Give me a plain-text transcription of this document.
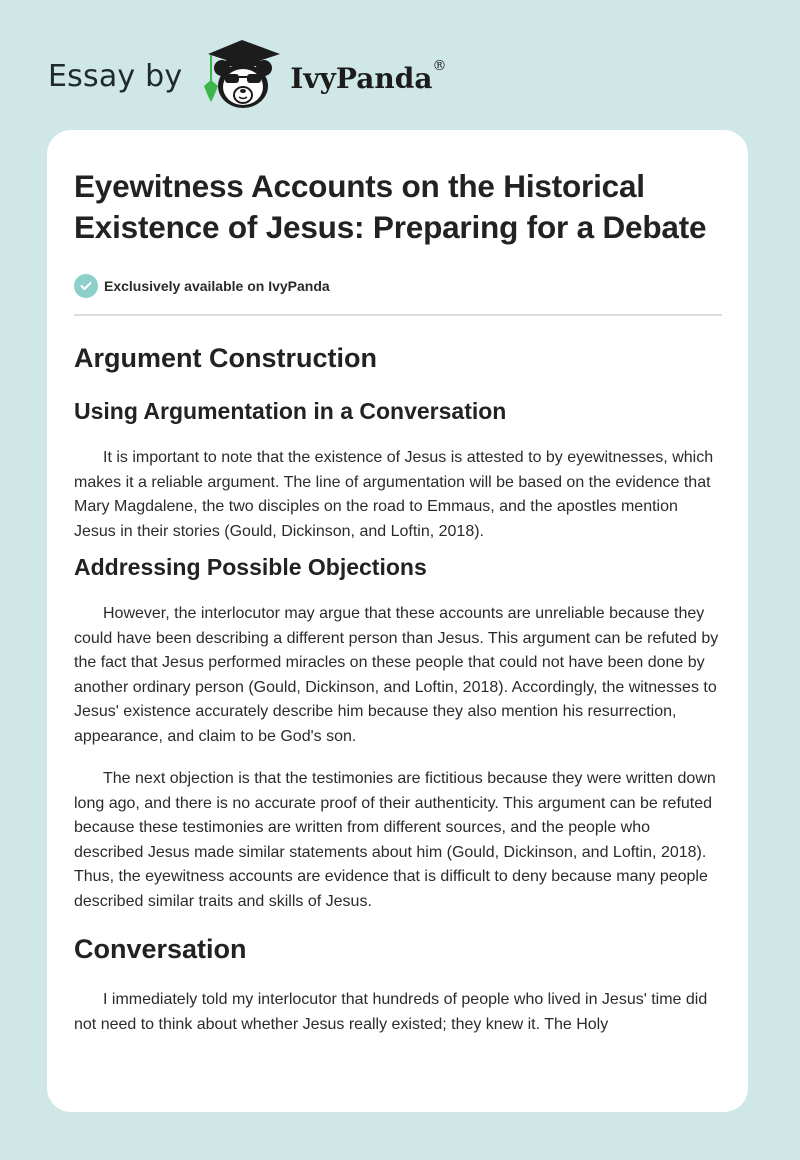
Essay by	IvyPanda®
Eyewitness Accounts on the Historical Existence of Jesus: Preparing for a Debate
Exclusively available on IvyPanda
Argument Construction
Using Argumentation in a Conversation

It is important to note that the existence of Jesus is attested to by eyewitnesses, which makes it a reliable argument. The line of argumentation will be based on the evidence that Mary Magdalene, the two disciples on the road to Emmaus, and the apostles mention Jesus in their stories (Gould, Dickinson, and Loftin, 2018).

Addressing Possible Objections

However, the interlocutor may argue that these accounts are unreliable because they could have been describing a different person than Jesus. This argument can be refuted by the fact that Jesus performed miracles on these people that could not have been done by another ordinary person (Gould, Dickinson, and Loftin, 2018). Accordingly, the witnesses to Jesus' existence accurately describe him because they also mention his resurrection, appearance, and claim to be God's son.

The next objection is that the testimonies are fictitious because they were written down long ago, and there is no accurate proof of their authenticity. This argument can be refuted because these testimonies are written from different sources, and the people who described Jesus made similar statements about him (Gould, Dickinson, and Loftin, 2018). Thus, the eyewitness accounts are evidence that is difficult to deny because many people described similar traits and skills of Jesus.

Conversation

I immediately told my interlocutor that hundreds of people who lived in Jesus' time did not need to think about whether Jesus really existed; they knew it. The Holy
